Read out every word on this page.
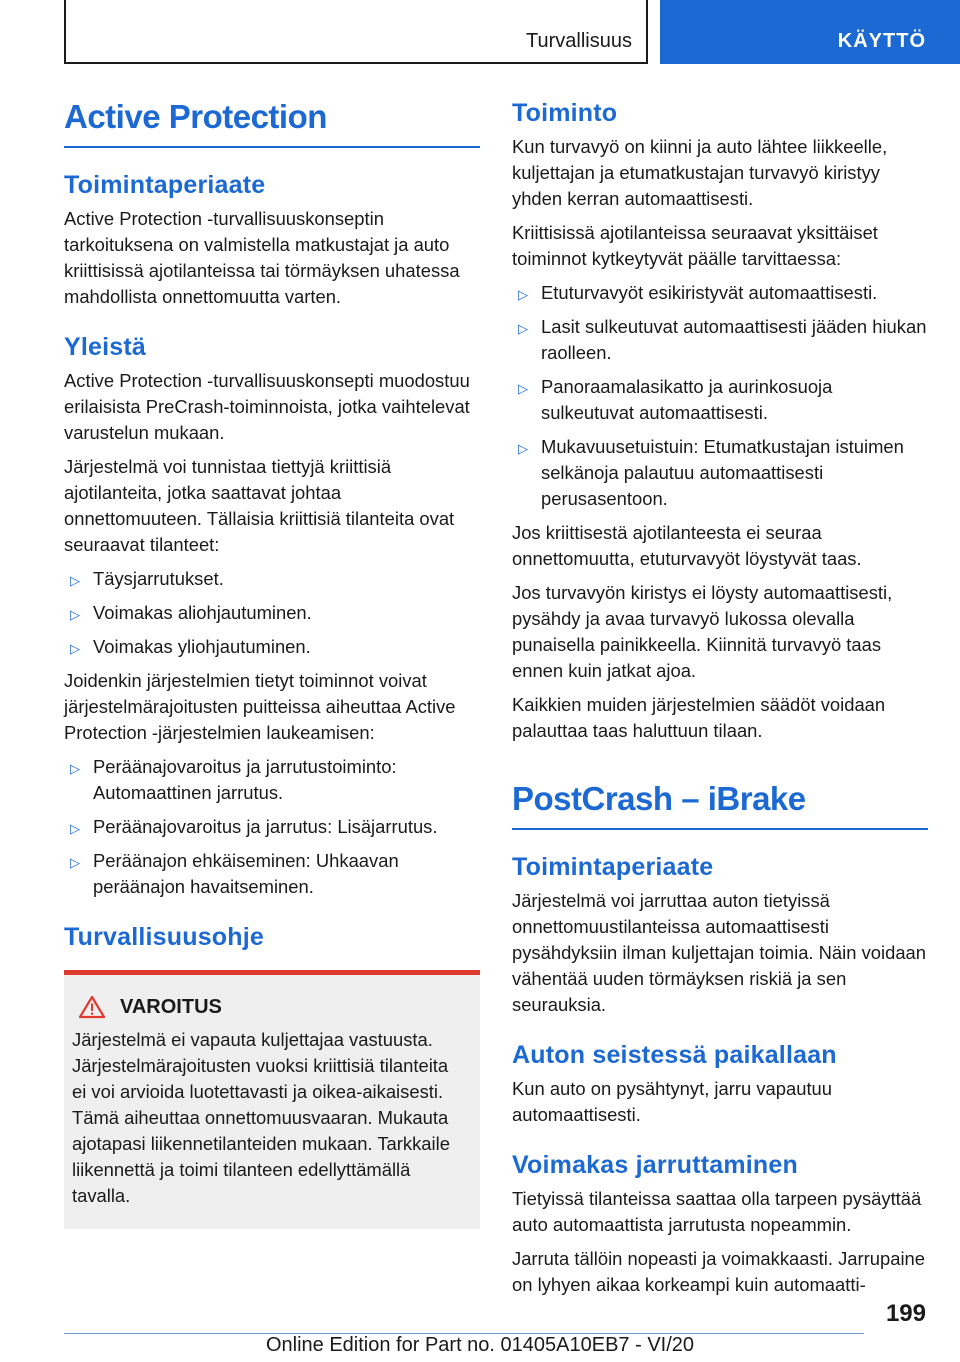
Turvallisuus	KÄYTTÖ
Active Protection
Toimintaperiaate

Active Protection -turvallisuuskonseptin tarkoituksena on valmistella matkustajat ja auto kriittisissä ajotilanteissa tai törmäyksen uhatessa mahdollista onnettomuutta varten.

Yleistä

Active Protection -turvallisuuskonsepti muodostuu erilaisista PreCrash-toiminnoista, jotka vaihtelevat varustelun mukaan.

Järjestelmä voi tunnistaa tiettyjä kriittisiä ajotilanteita, jotka saattavat johtaa onnettomuuteen. Tällaisia kriittisiä tilanteita ovat seuraavat tilanteet:

▷ Täysjarrutukset.
▷ Voimakas aliohjautuminen.
▷ Voimakas yliohjautuminen.

Joidenkin järjestelmien tietyt toiminnot voivat järjestelmärajoitusten puitteissa aiheuttaa Active Protection -järjestelmien laukeamisen:

▷ Peräänajovaroitus ja jarrutustoiminto: Automaattinen jarrutus.
▷ Peräänajovaroitus ja jarrutus: Lisäjarrutus.
▷ Peräänajon ehkäiseminen: Uhkaavan peräänajon havaitseminen.
Turvallisuusohje
VAROITUS
Järjestelmä ei vapauta kuljettajaa vastuusta. Järjestelmärajoitusten vuoksi kriittisiä tilanteita ei voi arvioida luotettavasti ja oikea-aikaisesti. Tämä aiheuttaa onnettomuusvaaran. Mukauta ajotapasi liikennetilanteiden mukaan. Tarkkaile liikennettä ja toimi tilanteen edellyttämällä tavalla.
Toiminto

Kun turvavyö on kiinni ja auto lähtee liikkeelle, kuljettajan ja etumatkustajan turvavyö kiristyy yhden kerran automaattisesti.

Kriittisissä ajotilanteissa seuraavat yksittäiset toiminnot kytkeytyvät päälle tarvittaessa:

▷ Etuturvavyöt esikiristyvät automaattisesti.
▷ Lasit sulkeutuvat automaattisesti jääden hiukan raolleen.
▷ Panoraamalasikatto ja aurinkosuoja sulkeutuvat automaattisesti.
▷ Mukavuusetuistuin: Etumatkustajan istuimen selkänoja palautuu automaattisesti perusasentoon.

Jos kriittisestä ajotilanteesta ei seuraa onnettomuutta, etuturvavyöt löystyvät taas.

Jos turvavyön kiristys ei löysty automaattisesti, pysähdy ja avaa turvavyö lukossa olevalla punaisella painikkeella. Kiinnitä turvavyö taas ennen kuin jatkat ajoa.

Kaikkien muiden järjestelmien säädöt voidaan palauttaa taas haluttuun tilaan.

PostCrash – iBrake
Toimintaperiaate

Järjestelmä voi jarruttaa auton tietyissä onnettomuustilanteissa automaattisesti pysähdyksiin ilman kuljettajan toimia. Näin voidaan vähentää uuden törmäyksen riskiä ja sen seurauksia.

Auton seistessä paikallaan

Kun auto on pysähtynyt, jarru vapautuu automaattisesti.

Voimakas jarruttaminen

Tietyissä tilanteissa saattaa olla tarpeen pysäyttää auto automaattista jarrutusta nopeammin.

Jarruta tällöin nopeasti ja voimakkaasti. Jarrupaine on lyhyen aikaa korkeampi kuin automaatti-

199
Online Edition for Part no. 01405A10EB7 - VI/20
